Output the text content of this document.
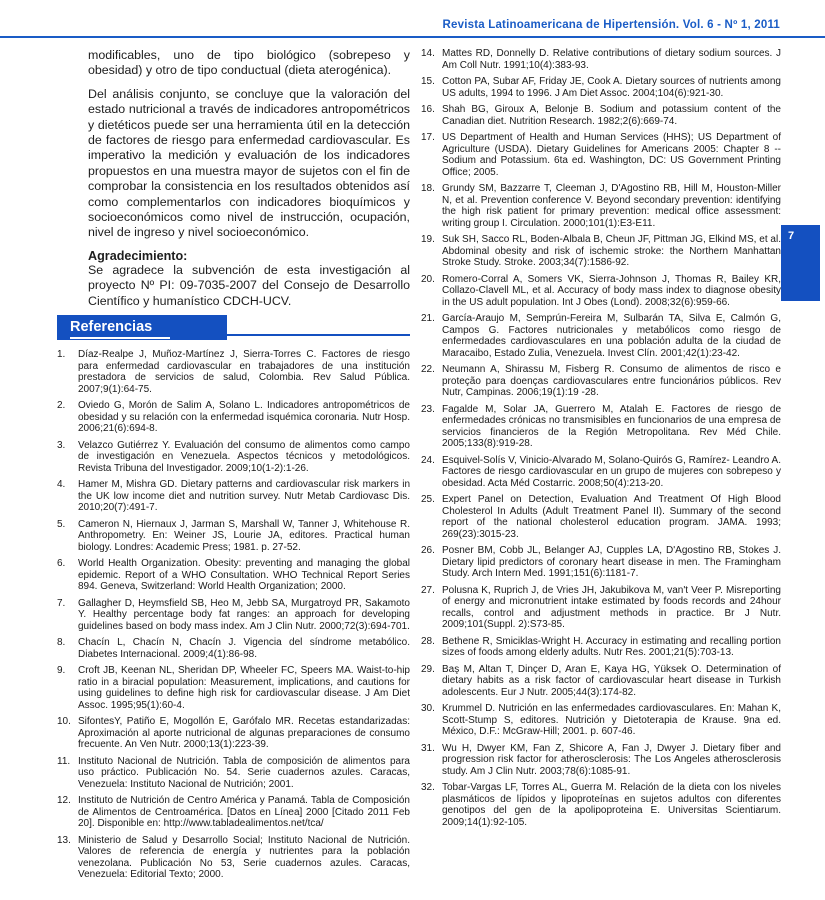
Revista Latinoamericana de Hipertensión. Vol. 6 - Nº 1, 2011
7

modificables, uno de tipo biológico (sobrepeso y obesidad) y otro de tipo conductual (dieta aterogénica).

Del análisis conjunto, se concluye que la valoración del estado nutricional a través de indicadores antropométricos y dietéticos puede ser una herramienta útil en la detección de factores de riesgo para enfermedad cardiovascular. Es imperativo la medición y evaluación de los indicadores propuestos en una muestra mayor de sujetos con el fin de comprobar la consistencia en los resultados obtenidos así como complementarlos con indicadores bioquímicos y socioeconómicos como nivel de instrucción, ocupación, nivel de ingreso y nivel socioeconómico.

Agradecimiento:

Se agradece la subvención de esta investigación al proyecto Nº PI: 09-7035-2007 del Consejo de Desarrollo Científico y humanístico CDCH-UCV.

Referencias
1.	Díaz-Realpe J, Muñoz-Martínez J, Sierra-Torres C. Factores de riesgo para enfermedad cardiovascular en trabajadores de una institución prestadora de servicios de salud, Colombia. Rev Salud Pública. 2007;9(1):64-75.
2.	Oviedo G, Morón de Salim A, Solano L. Indicadores antropométricos de obesidad y su relación con la enfermedad isquémica coronaria. Nutr Hosp. 2006;21(6):694-8.
3.	Velazco Gutiérrez Y. Evaluación del consumo de alimentos como campo de investigación en Venezuela. Aspectos técnicos y metodológicos. Revista Tribuna del Investigador. 2009;10(1-2):1-26.
4.	Hamer M, Mishra GD. Dietary patterns and cardiovascular risk markers in the UK low income diet and nutrition survey. Nutr Metab Cardiovasc Dis. 2010;20(7):491-7.
5.	Cameron N, Hiernaux J, Jarman S, Marshall W, Tanner J, Whitehouse R. Anthropometry. En: Weiner JS, Lourie JA, editores. Practical human biology. Londres: Academic Press; 1981. p. 27-52.
6.	World Health Organization. Obesity: preventing and managing the global epidemic. Report of a WHO Consultation. WHO Technical Report Series 894. Geneva, Switzerland: World Health Organization; 2000.
7.	Gallagher D, Heymsfield SB, Heo M, Jebb SA, Murgatroyd PR, Sakamoto Y. Healthy percentage body fat ranges: an approach for developing guidelines based on body mass index. Am J Clin Nutr. 2000;72(3):694-701.
8.	Chacín L, Chacín N, Chacín J. Vigencia del síndrome metabólico. Diabetes Internacional. 2009;4(1):86-98.
9.	Croft JB, Keenan NL, Sheridan DP, Wheeler FC, Speers MA. Waist-to-hip ratio in a biracial population: Measurement, implications, and cautions for using guidelines to define high risk for cardiovascular disease. J Am Diet Assoc. 1995;95(1):60-4.
10. SifontesY, Patiño E, Mogollón E, Garófalo MR. Recetas estandarizadas: Aproximación al aporte nutricional de algunas preparaciones de consumo frecuente. An Ven Nutr. 2000;13(1):223-39.
11. Instituto Nacional de Nutrición. Tabla de composición de alimentos para uso práctico. Publicación No. 54. Serie cuadernos azules. Caracas, Venezuela: Instituto Nacional de Nutrición; 2001.
12. Instituto de Nutrición de Centro América y Panamá. Tabla de Composición de Alimentos de Centroamérica. [Datos en Línea] 2000 [Citado 2011 Feb 20]. Disponible en: http://www.tabladealimentos.net/tca/
13. Ministerio de Salud y Desarrollo Social; Instituto Nacional de Nutrición. Valores de referencia de energía y nutrientes para la población venezolana. Publicación No 53, Serie cuadernos azules. Caracas, Venezuela: Editorial Texto; 2000.
14. Mattes RD, Donnelly D. Relative contributions of dietary sodium sources. J Am Coll Nutr. 1991;10(4):383-93.
15. Cotton PA, Subar AF, Friday JE, Cook A. Dietary sources of nutrients among US adults, 1994 to 1996. J Am Diet Assoc. 2004;104(6):921-30.
16. Shah BG, Giroux A, Belonje B. Sodium and potassium content of the Canadian diet. Nutrition Research. 1982;2(6):669-74.
17. US Department of Health and Human Services (HHS); US Department of Agriculture (USDA). Dietary Guidelines for Americans 2005: Chapter 8 -- Sodium and Potassium. 6ta ed. Washington, DC: US Government Printing Office; 2005.
18. Grundy SM, Bazzarre T, Cleeman J, D'Agostino RB, Hill M, Houston-Miller N, et al. Prevention conference V. Beyond secondary prevention: identifying the high risk patient for primary prevention: medical office assessment: writing group I. Circulation. 2000;101(1):E3-E11.
19. Suk SH, Sacco RL, Boden-Albala B, Cheun JF, Pittman JG, Elkind MS, et al. Abdominal obesity and risk of ischemic stroke: the Northern Manhattan Stroke Study. Stroke. 2003;34(7):1586-92.
20. Romero-Corral A, Somers VK, Sierra-Johnson J, Thomas R, Bailey KR, Collazo-Clavell ML, et al. Accuracy of body mass index to diagnose obesity in the US adult population. Int J Obes (Lond). 2008;32(6):959-66.
21. García-Araujo M, Semprún-Fereira M, Sulbarán TA, Silva E, Calmón G, Campos G. Factores nutricionales y metabólicos como riesgo de enfermedades cardiovasculares en una población adulta de la ciudad de Maracaibo, Estado Zulia, Venezuela. Invest Clín. 2001;42(1):23-42.
22. Neumann A, Shirassu M, Fisberg R. Consumo de alimentos de risco e proteção para doenças cardiovasculares entre funcionários públicos. Rev Nutr, Campinas. 2006;19(1):19 -28.
23. Fagalde M, Solar JA, Guerrero M, Atalah E. Factores de riesgo de enfermedades crónicas no transmisibles en funcionarios de una empresa de servicios financieros de la Región Metropolitana. Rev Méd Chile. 2005;133(8):919-28.
24. Esquivel-Solís V, Vinicio-Alvarado M, Solano-Quirós G, Ramírez- Leandro A. Factores de riesgo cardiovascular en un grupo de mujeres con sobrepeso y obesidad. Acta Méd Costarric. 2008;50(4):213-20.
25. Expert Panel on Detection, Evaluation And Treatment Of High Blood Cholesterol In Adults (Adult Treatment Panel II). Summary of the second report of the national cholesterol education program. JAMA. 1993; 269(23):3015-23.
26. Posner BM, Cobb JL, Belanger AJ, Cupples LA, D'Agostino RB, Stokes J. Dietary lipid predictors of coronary heart disease in men. The Framingham Study. Arch Intern Med. 1991;151(6):1181-7.
27. Polusna K, Ruprich J, de Vries JH, Jakubikova M, van't Veer P. Misreporting of energy and micronutrient intake estimated by foods records and 24hour recalls, control and adjustment methods in practice. Br J Nutr. 2009;101(Suppl. 2):S73-85.
28. Bethene R, Smiciklas-Wright H. Accuracy in estimating and recalling portion sizes of foods among elderly adults. Nutr Res. 2001;21(5):703-13.
29. Baş M, Altan T, Dinçer D, Aran E, Kaya HG, Yüksek O. Determination of dietary habits as a risk factor of cardiovascular heart disease in Turkish adolescents. Eur J Nutr. 2005;44(3):174-82.
30. Krummel D. Nutrición en las enfermedades cardiovasculares. En: Mahan K, Scott-Stump S, editores. Nutrición y Dietoterapia de Krause. 9na ed. México, D.F.: McGraw-Hill; 2001. p. 607-46.
31. Wu H, Dwyer KM, Fan Z, Shicore A, Fan J, Dwyer J. Dietary fiber and progression risk factor for atherosclerosis: The Los Angeles atherosclerosis study. Am J Clin Nutr. 2003;78(6):1085-91.
32. Tobar-Vargas LF, Torres AL, Guerra M. Relación de la dieta con los niveles plasmáticos de lípidos y lipoproteínas en sujetos adultos con diferentes genotipos del gen de la apolipoproteina E. Universitas Scientiarum. 2009;14(1):92-105.
